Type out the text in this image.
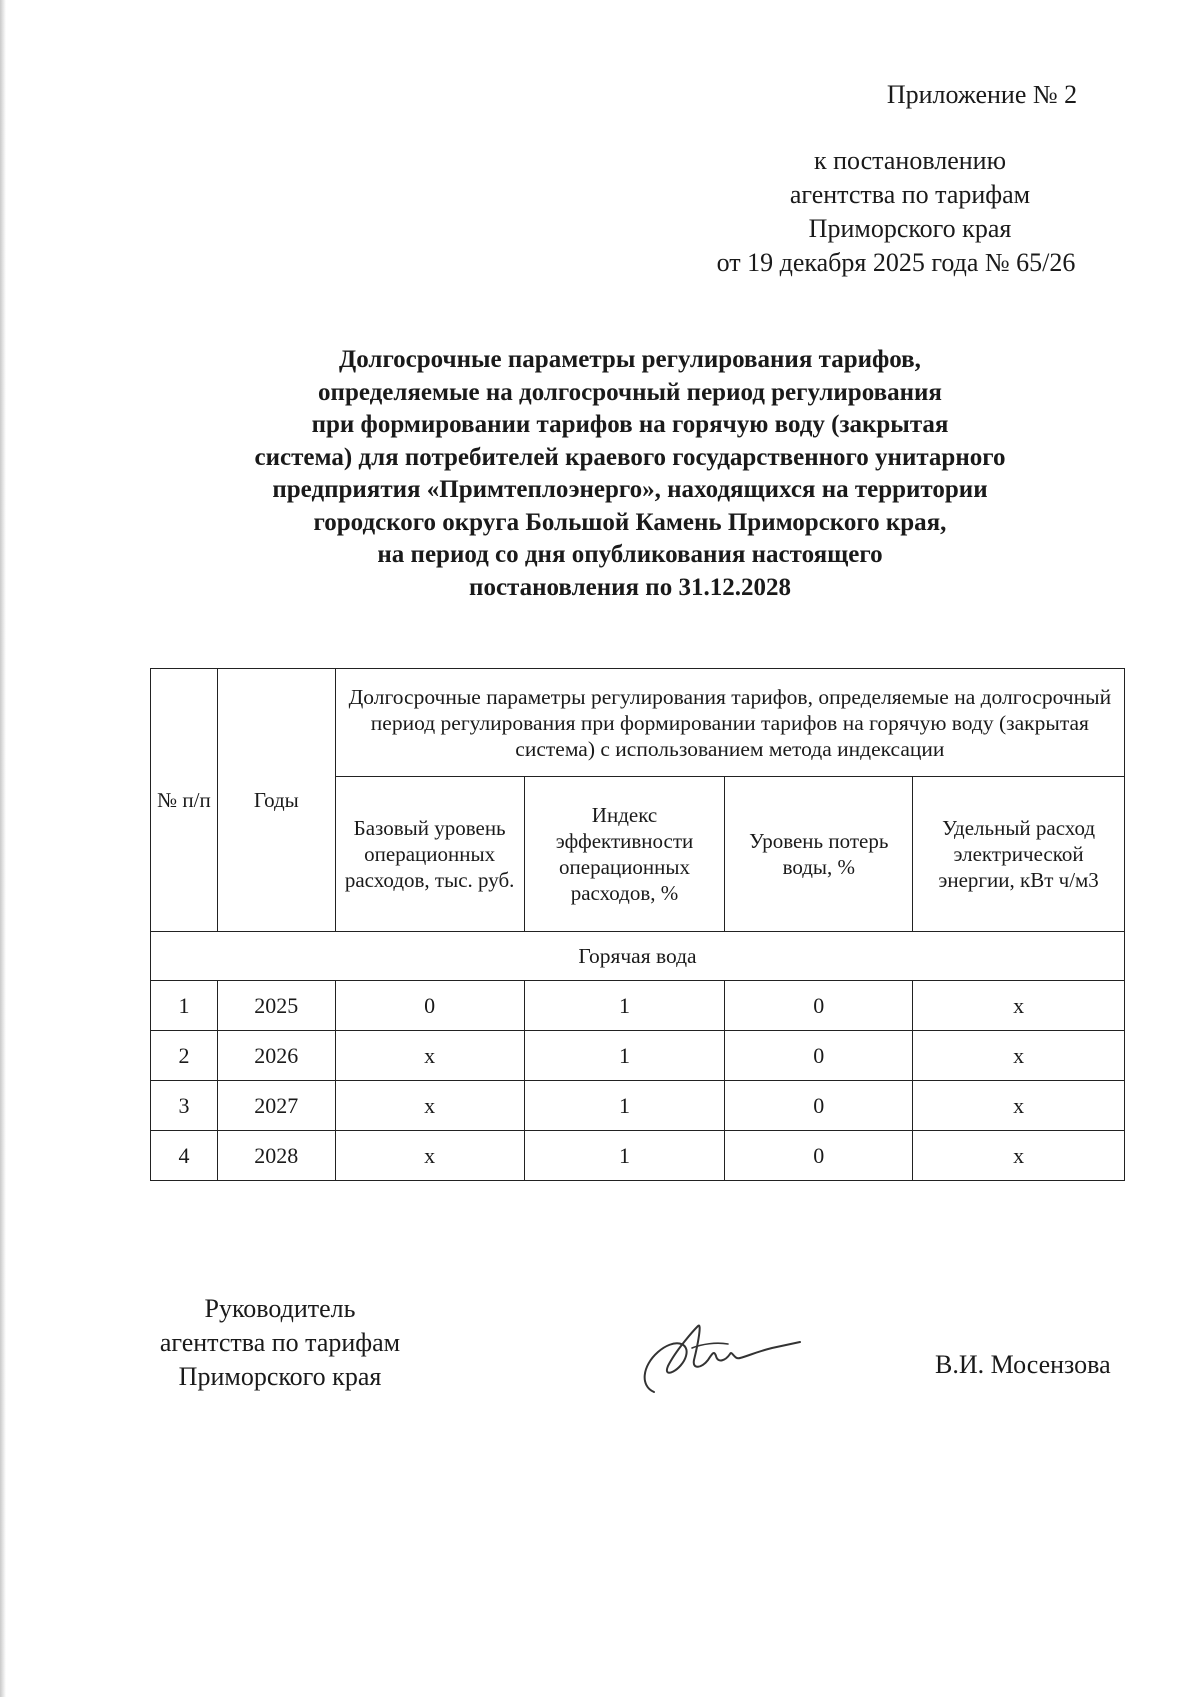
Приложение № 2
к постановлению
агентства по тарифам
Приморского края
от 19 декабря 2025 года № 65/26
Долгосрочные параметры регулирования тарифов,
определяемые на долгосрочный период регулирования
при формировании тарифов на горячую воду (закрытая
система) для потребителей краевого государственного унитарного
предприятия «Примтеплоэнерго», находящихся на территории
городского округа Большой Камень Приморского края,
на период со дня опубликования настоящего
постановления по 31.12.2028
№ п/п	Годы	Долгосрочные параметры регулирования тарифов, определяемые на долгосрочный период регулирования при формировании тарифов на горячую воду (закрытая система) с использованием метода индексации			
		Базовый уровень операционных расходов, тыс. руб.	Индекс эффективности операционных расходов, %	Уровень потерь воды, %	Удельный расход электрической энергии, кВт ч/м3
Горячая вода					
1	2025	0	1	0	x
2	2026	x	1	0	x
3	2027	x	1	0	x
4	2028	x	1	0	x
Руководитель
агентства по тарифам
Приморского края	В.И. Мосензова
